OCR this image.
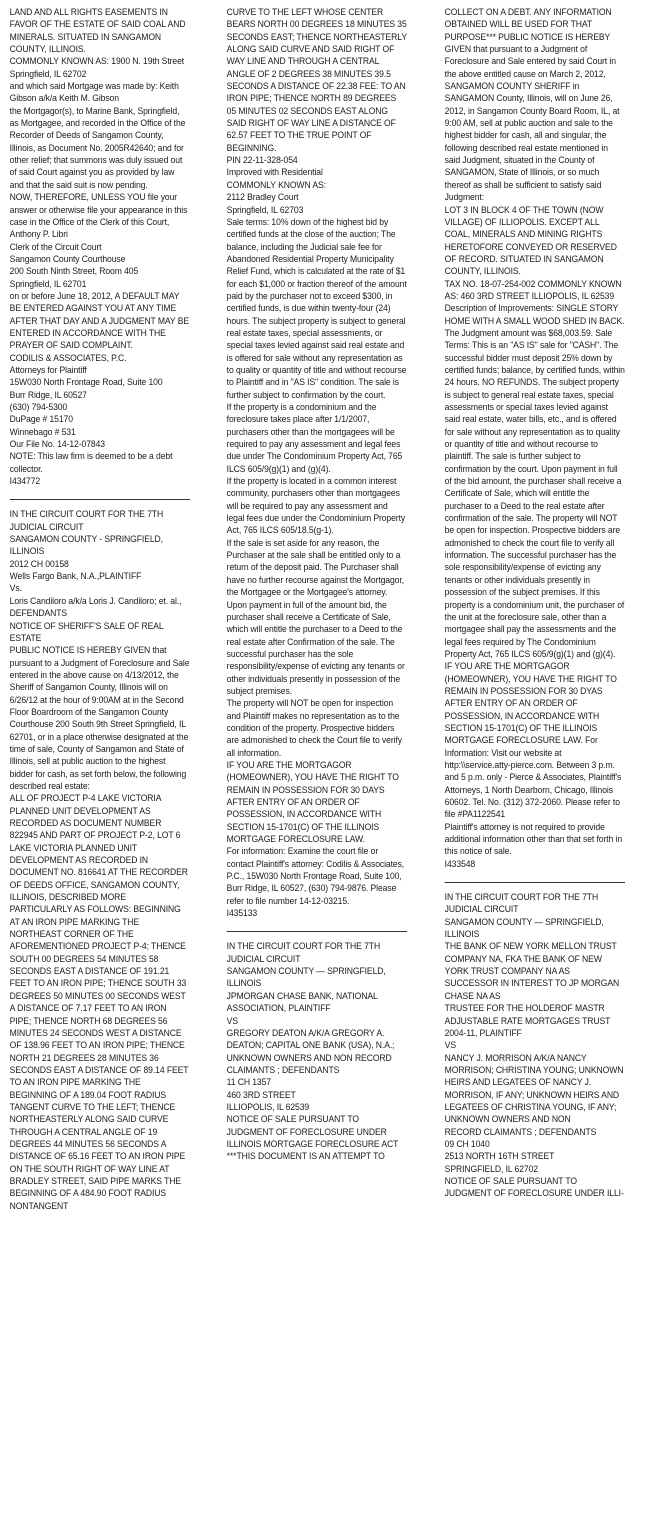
LAND AND ALL RIGHTS EASEMENTS IN FAVOR OF THE ESTATE OF SAID COAL AND MINERALS. SITUATED IN SANGAMON COUNTY, ILLINOIS.
COMMONLY KNOWN AS: 1900 N. 19th Street
Springfield, IL 62702
and which said Mortgage was made by: Keith Gibson a/k/a Keith M. Gibson
the Mortgagor(s), to Marine Bank, Springfield, as Mortgagee, and recorded in the Office of the Recorder of Deeds of Sangamon County, Illinois, as Document No. 2005R42640; and for other relief; that summons was duly issued out of said Court against you as provided by law and that the said suit is now pending.
NOW, THEREFORE, UNLESS YOU file your answer or otherwise file your appearance in this case in the Office of the Clerk of this Court,
Anthony P. Libri
Clerk of the Circuit Court
Sangamon County Courthouse
200 South Ninth Street, Room 405
Springfield, IL 62701
on or before June 18, 2012, A DEFAULT MAY BE ENTERED AGAINST YOU AT ANY TIME AFTER THAT DAY AND A JUDGMENT MAY BE ENTERED IN ACCORDANCE WITH THE PRAYER OF SAID COMPLAINT.
CODILIS & ASSOCIATES, P.C.
Attorneys for Plaintiff
15W030 North Frontage Road, Suite 100
Burr Ridge, IL 60527
(630) 794-5300
DuPage # 15170
Winnebago # 531
Our File No. 14-12-07843
NOTE: This law firm is deemed to be a debt collector.
I434772
IN THE CIRCUIT COURT FOR THE 7TH JUDICIAL CIRCUIT
SANGAMON COUNTY - SPRINGFIELD, ILLINOIS
2012 CH 00158
Wells Fargo Bank, N.A.,PLAINTIFF
Vs.
Loris Candiloro a/k/a Loris J. Candiloro; et. al., DEFENDANTS
NOTICE OF SHERIFF'S SALE OF REAL ESTATE
PUBLIC NOTICE IS HEREBY GIVEN that pursuant to a Judgment of Foreclosure and Sale entered in the above cause on 4/13/2012, the Sheriff of Sangamon County, Illinois will on 6/26/12 at the hour of 9:00AM at in the Second Floor Boardroom of the Sangamon County Courthouse 200 South 9th Street Springfield, IL 62701, or in a place otherwise designated at the time of sale, County of Sangamon and State of Illinois, sell at public auction to the highest bidder for cash, as set forth below, the following described real estate:
ALL OF PROJECT P-4 LAKE VICTORIA PLANNED UNIT DEVELOPMENT AS RECORDED AS DOCUMENT NUMBER 822945 AND PART OF PROJECT P-2, LOT 6 LAKE VICTORIA PLANNED UNIT DEVELOPMENT AS RECORDED IN DOCUMENT NO. 816641 AT THE RECORDER OF DEEDS OFFICE, SANGAMON COUNTY, ILLINOIS, DESCRIBED MORE PARTICULARLY AS FOLLOWS: BEGINNING AT AN IRON PIPE MARKING THE NORTHEAST CORNER OF THE AFOREMENTIONED PROJECT P-4; THENCE SOUTH 00 DEGREES 54 MINUTES 58 SECONDS EAST A DISTANCE OF 191.21 FEET TO AN IRON PIPE; THENCE SOUTH 33 DEGREES 50 MINUTES 00 SECONDS WEST A DISTANCE OF 7.17 FEET TO AN IRON PIPE; THENCE NORTH 68 DEGREES 56 MINUTES 24 SECONDS WEST A DISTANCE OF 138.96 FEET TO AN IRON PIPE; THENCE NORTH 21 DEGREES 28 MINUTES 36 SECONDS EAST A DISTANCE OF 89.14 FEET TO AN IRON PIPE MARKING THE BEGINNING OF A 189.04 FOOT RADIUS TANGENT CURVE TO THE LEFT; THENCE NORTHEASTERLY ALONG SAID CURVE THROUGH A CENTRAL ANGLE OF 19 DEGREES 44 MINUTES 56 SECONDS A DISTANCE OF 65.16 FEET TO AN IRON PIPE ON THE SOUTH RIGHT OF WAY LINE AT BRADLEY STREET, SAID PIPE MARKS THE BEGINNING OF A 484.90 FOOT RADIUS NONTANGENT
CURVE TO THE LEFT WHOSE CENTER BEARS NORTH 00 DEGREES 18 MINUTES 35 SECONDS EAST; THENCE NORTHEASTERLY ALONG SAID CURVE AND SAID RIGHT OF WAY LINE AND THROUGH A CENTRAL ANGLE OF 2 DEGREES 38 MINUTES 39.5 SECONDS A DISTANCE OF 22.38 FEE: TO AN IRON PIPE; THENCE NORTH 89 DEGREES 05 MINUTES 02 SECONDS EAST ALONG SAID RIGHT OF WAY LINE A DISTANCE OF 62.57 FEET TO THE TRUE POINT OF BEGINNING.
PIN 22-11-328-054
Improved with Residential
COMMONLY KNOWN AS:
2112 Bradley Court
Springfield, IL 62703
Sale terms: 10% down of the highest bid by certified funds at the close of the auction; The balance, including the Judicial sale fee for Abandoned Residential Property Municipality Relief Fund, which is calculated at the rate of $1 for each $1,000 or fraction thereof of the amount paid by the purchaser not to exceed $300, in certified funds, is due within twenty-four (24) hours. The subject property is subject to general real estate taxes, special assessments, or special taxes levied against said real estate and is offered for sale without any representation as to quality or quantity of title and without recourse to Plaintiff and in "AS IS" condition. The sale is further subject to confirmation by the court.
If the property is a condominium and the foreclosure takes place after 1/1/2007, purchasers other than the mortgagees will be required to pay any assessment and legal fees due under The Condominium Property Act, 765 ILCS 605/9(g)(1) and (g)(4).
If the property is located in a common interest community, purchasers other than mortgagees will be required to pay any assessment and legal fees due under the Condominium Property Act, 765 ILCS 605/18.5(g-1).
If the sale is set aside for any reason, the Purchaser at the sale shall be entitled only to a return of the deposit paid. The Purchaser shall have no further recourse against the Mortgagor, the Mortgagee or the Mortgagee's attorney. Upon payment in full of the amount bid, the purchaser shall receive a Certificate of Sale, which will entitle the purchaser to a Deed to the real estate after Confirmation of the sale. The successful purchaser has the sole responsibility/expense of evicting any tenants or other individuals presently in possession of the subject premises.
The property will NOT be open for inspection and Plaintiff makes no representation as to the condition of the property. Prospective bidders are admonished to check the Court file to verify all information.
IF YOU ARE THE MORTGAGOR (HOMEOWNER), YOU HAVE THE RIGHT TO REMAIN IN POSSESSION FOR 30 DAYS AFTER ENTRY OF AN ORDER OF POSSESSION, IN ACCORDANCE WITH SECTION 15-1701(C) OF THE ILLINOIS MORTGAGE FORECLOSURE LAW.
For information: Examine the court file or contact Plaintiff's attorney: Codilis & Associates, P.C., 15W030 North Frontage Road, Suite 100, Burr Ridge, IL 60527, (630) 794-9876. Please refer to file number 14-12-03215.
I435133
IN THE CIRCUIT COURT FOR THE 7TH JUDICIAL CIRCUIT
SANGAMON COUNTY — SPRINGFIELD, ILLINOIS
JPMORGAN CHASE BANK, NATIONAL ASSOCIATION, PLAINTIFF
VS
GREGORY DEATON A/K/A GREGORY A. DEATON; CAPITAL ONE BANK (USA), N.A.; UNKNOWN OWNERS AND NON RECORD CLAIMANTS ; DEFENDANTS
11 CH 1357
460 3RD STREET
ILLIOPOLIS, IL 62539
NOTICE OF SALE PURSUANT TO JUDGMENT OF FORECLOSURE UNDER ILLINOIS MORTGAGE FORECLOSURE ACT
***THIS DOCUMENT IS AN ATTEMPT TO
COLLECT ON A DEBT. ANY INFORMATION OBTAINED WILL BE USED FOR THAT PURPOSE*** PUBLIC NOTICE IS HEREBY GIVEN that pursuant to a Judgment of Foreclosure and Sale entered by said Court in the above entitled cause on March 2, 2012, SANGAMON COUNTY SHERIFF in SANGAMON County, Illinois, will on June 26, 2012, in Sangamon County Board Room, IL, at 9:00 AM, sell at public auction and sale to the highest bidder for cash, all and singular, the following described real estate mentioned in said Judgment, situated in the County of SANGAMON, State of Illinois, or so much thereof as shall be sufficient to satisfy said Judgment:
LOT 3 IN BLOCK 4 OF THE TOWN (NOW VILLAGE) OF ILLIOPOLIS. EXCEPT ALL COAL, MINERALS AND MINING RIGHTS HERETOFORE CONVEYED OR RESERVED OF RECORD. SITUATED IN SANGAMON COUNTY, ILLINOIS.
TAX NO. 18-07-254-002 COMMONLY KNOWN AS: 460 3RD STREET ILLIOPOLIS, IL 62539 Description of Improvements: SINGLE STORY HOME WITH A SMALL WOOD SHED IN BACK.
The Judgment amount was $68,003.59. Sale Terms: This is an "AS IS" sale for "CASH". The successful bidder must deposit 25% down by certified funds; balance, by certified funds, within 24 hours. NO REFUNDS. The subject property is subject to general real estate taxes, special assessments or special taxes levied against said real estate, water bills, etc., and is offered for sale without any representation as to quality or quantity of title and without recourse to plaintiff. The sale is further subject to confirmation by the court. Upon payment in full of the bid amount, the purchaser shall receive a Certificate of Sale, which will entitle the purchaser to a Deed to the real estate after confirmation of the sale. The property will NOT be open for inspection. Prospective bidders are admonished to check the court file to verify all information. The successful purchaser has the sole responsibility/expense of evicting any tenants or other individuals presently in possession of the subject premises. If this property is a condominium unit, the purchaser of the unit at the foreclosure sale, other than a mortgagee shall pay the assessments and the legal fees required by The Condominium Property Act, 765 ILCS 605/9(g)(1) and (g)(4). IF YOU ARE THE MORTGAGOR (HOMEOWNER), YOU HAVE THE RIGHT TO REMAIN IN POSSESSION FOR 30 DYAS AFTER ENTRY OF AN ORDER OF POSSESSION, IN ACCORDANCE WITH SECTION 15-1701(C) OF THE ILLINOIS MORTGAGE FORECLOSURE LAW. For Information: Visit our website at http:\\service.atty-pierce.com. Between 3 p.m. and 5 p.m. only - Pierce & Associates, Plaintiff's Attorneys, 1 North Dearborn, Chicago, Illinois 60602. Tel. No. (312) 372-2060. Please refer to file #PA1122541
Plaintiff's attorney is not required to provide additional information other than that set forth in this notice of sale.
I433548
IN THE CIRCUIT COURT FOR THE 7TH JUDICIAL CIRCUIT
SANGAMON COUNTY — SPRINGFIELD, ILLINOIS
THE BANK OF NEW YORK MELLON TRUST COMPANY NA, FKA THE BANK OF NEW YORK TRUST COMPANY NA AS SUCCESSOR IN INTEREST TO JP MORGAN CHASE NA AS
TRUSTEE FOR THE HOLDEROF MASTR ADJUSTABLE RATE MORTGAGES TRUST 2004-11, PLAINTIFF
VS
NANCY J. MORRISON A/K/A NANCY MORRISON; CHRISTINA YOUNG; UNKNOWN HEIRS AND LEGATEES OF NANCY J. MORRISON, IF ANY; UNKNOWN HEIRS AND LEGATEES OF CHRISTINA YOUNG, IF ANY; UNKNOWN OWNERS AND NON
RECORD CLAIMANTS ; DEFENDANTS
09 CH 1040
2513 NORTH 16TH STREET
SPRINGFIELD, IL 62702
NOTICE OF SALE PURSUANT TO JUDGMENT OF FORECLOSURE UNDER ILLI-
